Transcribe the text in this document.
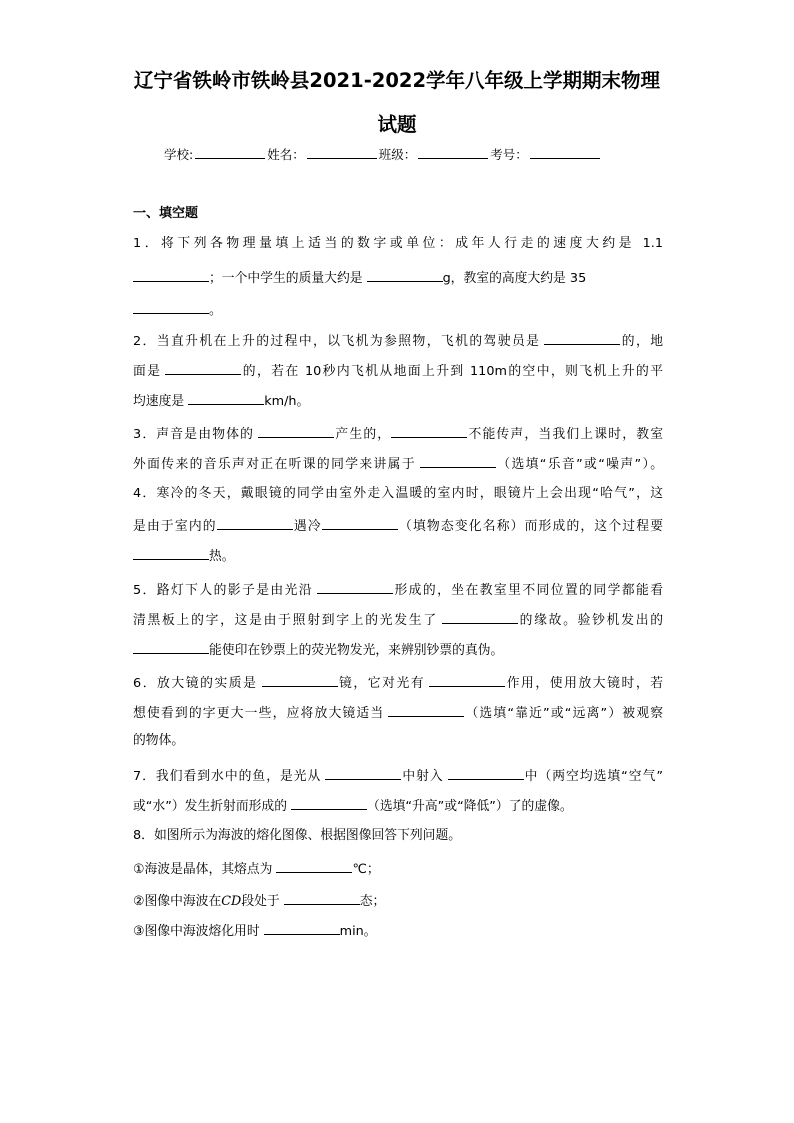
辽宁省铁岭市铁岭县2021-2022学年八年级上学期期末物理
试题
学校:	姓名：	班级：	考号：
一、填空题
1．将下列各物理量填上适当的数字或单位：成年人行走的速度大约是 1.1
；一个中学生的质量大约是	g，教室的高度大约是 35
。
2．当直升机在上升的过程中，以飞机为参照物，飞机的驾驶员是	的，地
面是	的，若在 10秒内飞机从地面上升到 110m的空中，则飞机上升的平
均速度是	km/h。
3．声音是由物体的	产生的，	不能传声，当我们上课时，教室
外面传来的音乐声对正在听课的同学来讲属于	（选填“乐音”或“噪声”）。
4．寒冷的冬天，戴眼镜的同学由室外走入温暖的室内时，眼镜片上会出现“哈气”，这
是由于室内的	遇冷	（填物态变化名称）而形成的，这个过程要
热。
5．路灯下人的影子是由光沿	形成的，坐在教室里不同位置的同学都能看
清黑板上的字，这是由于照射到字上的光发生了	的缘故。验钞机发出的
能使印在钞票上的荧光物发光，来辨别钞票的真伪。
6．放大镜的实质是	镜，它对光有	作用，使用放大镜时，若
想使看到的字更大一些，应将放大镜适当	（选填“靠近”或“远离”）被观察
的物体。
7．我们看到水中的鱼，是光从	中射入	中（两空均选填“空气”
或“水”）发生折射而形成的	（选填“升高”或“降低”）了的虚像。
8．如图所示为海波的熔化图像、根据图像回答下列问题。
①海波是晶体，其熔点为	℃；
②图像中海波在CD段处于	态；
③图像中海波熔化用时	min。
